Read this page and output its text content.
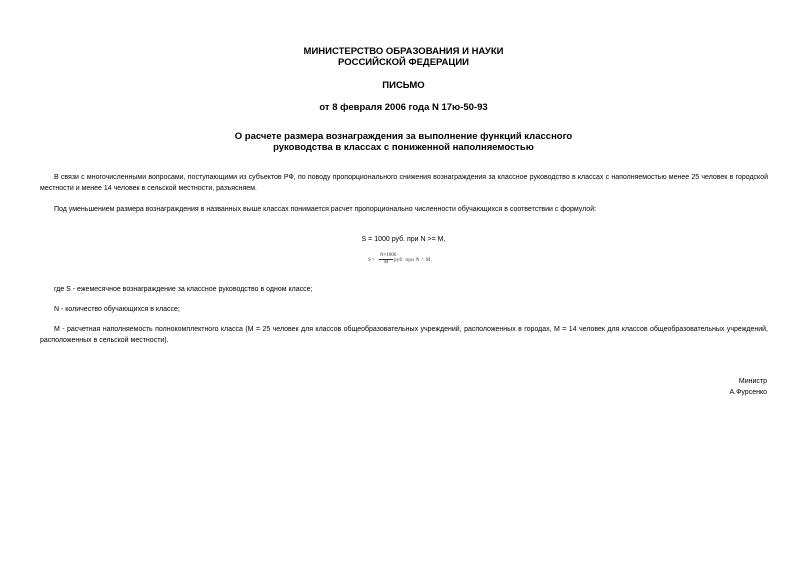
МИНИСТЕРСТВО ОБРАЗОВАНИЯ И НАУКИ
РОССИЙСКОЙ ФЕДЕРАЦИИ
ПИСЬМО
от 8 февраля 2006 года N 17ю-50-93
О расчете размера вознаграждения за выполнение функций классного
руководства в классах с пониженной наполняемостью
В связи с многочисленными вопросами, поступающими из субъектов РФ, по поводу пропорционального снижения вознаграждения за классное руководство в классах с наполняемостью менее 25 человек в городской местности и менее 14 человек в сельской местности, разъясняем.
Под уменьшением размера вознаграждения в названных выше классах понимается расчет пропорционально численности обучающихся в соответствии с формулой:
S = 1000 руб. при N >= M,
S =
N×1000
M руб. при N < M,
где S - ежемесячное вознаграждение за классное руководство в одном классе;
N - количество обучающихся в классе;
M - расчетная наполняемость полнокомплектного класса (M = 25 человек для классов общеобразовательных учреждений, расположенных в городах, M = 14 человек для классов общеобразовательных учреждений, расположенных в сельской местности).
Министр
А.Фурсенко
